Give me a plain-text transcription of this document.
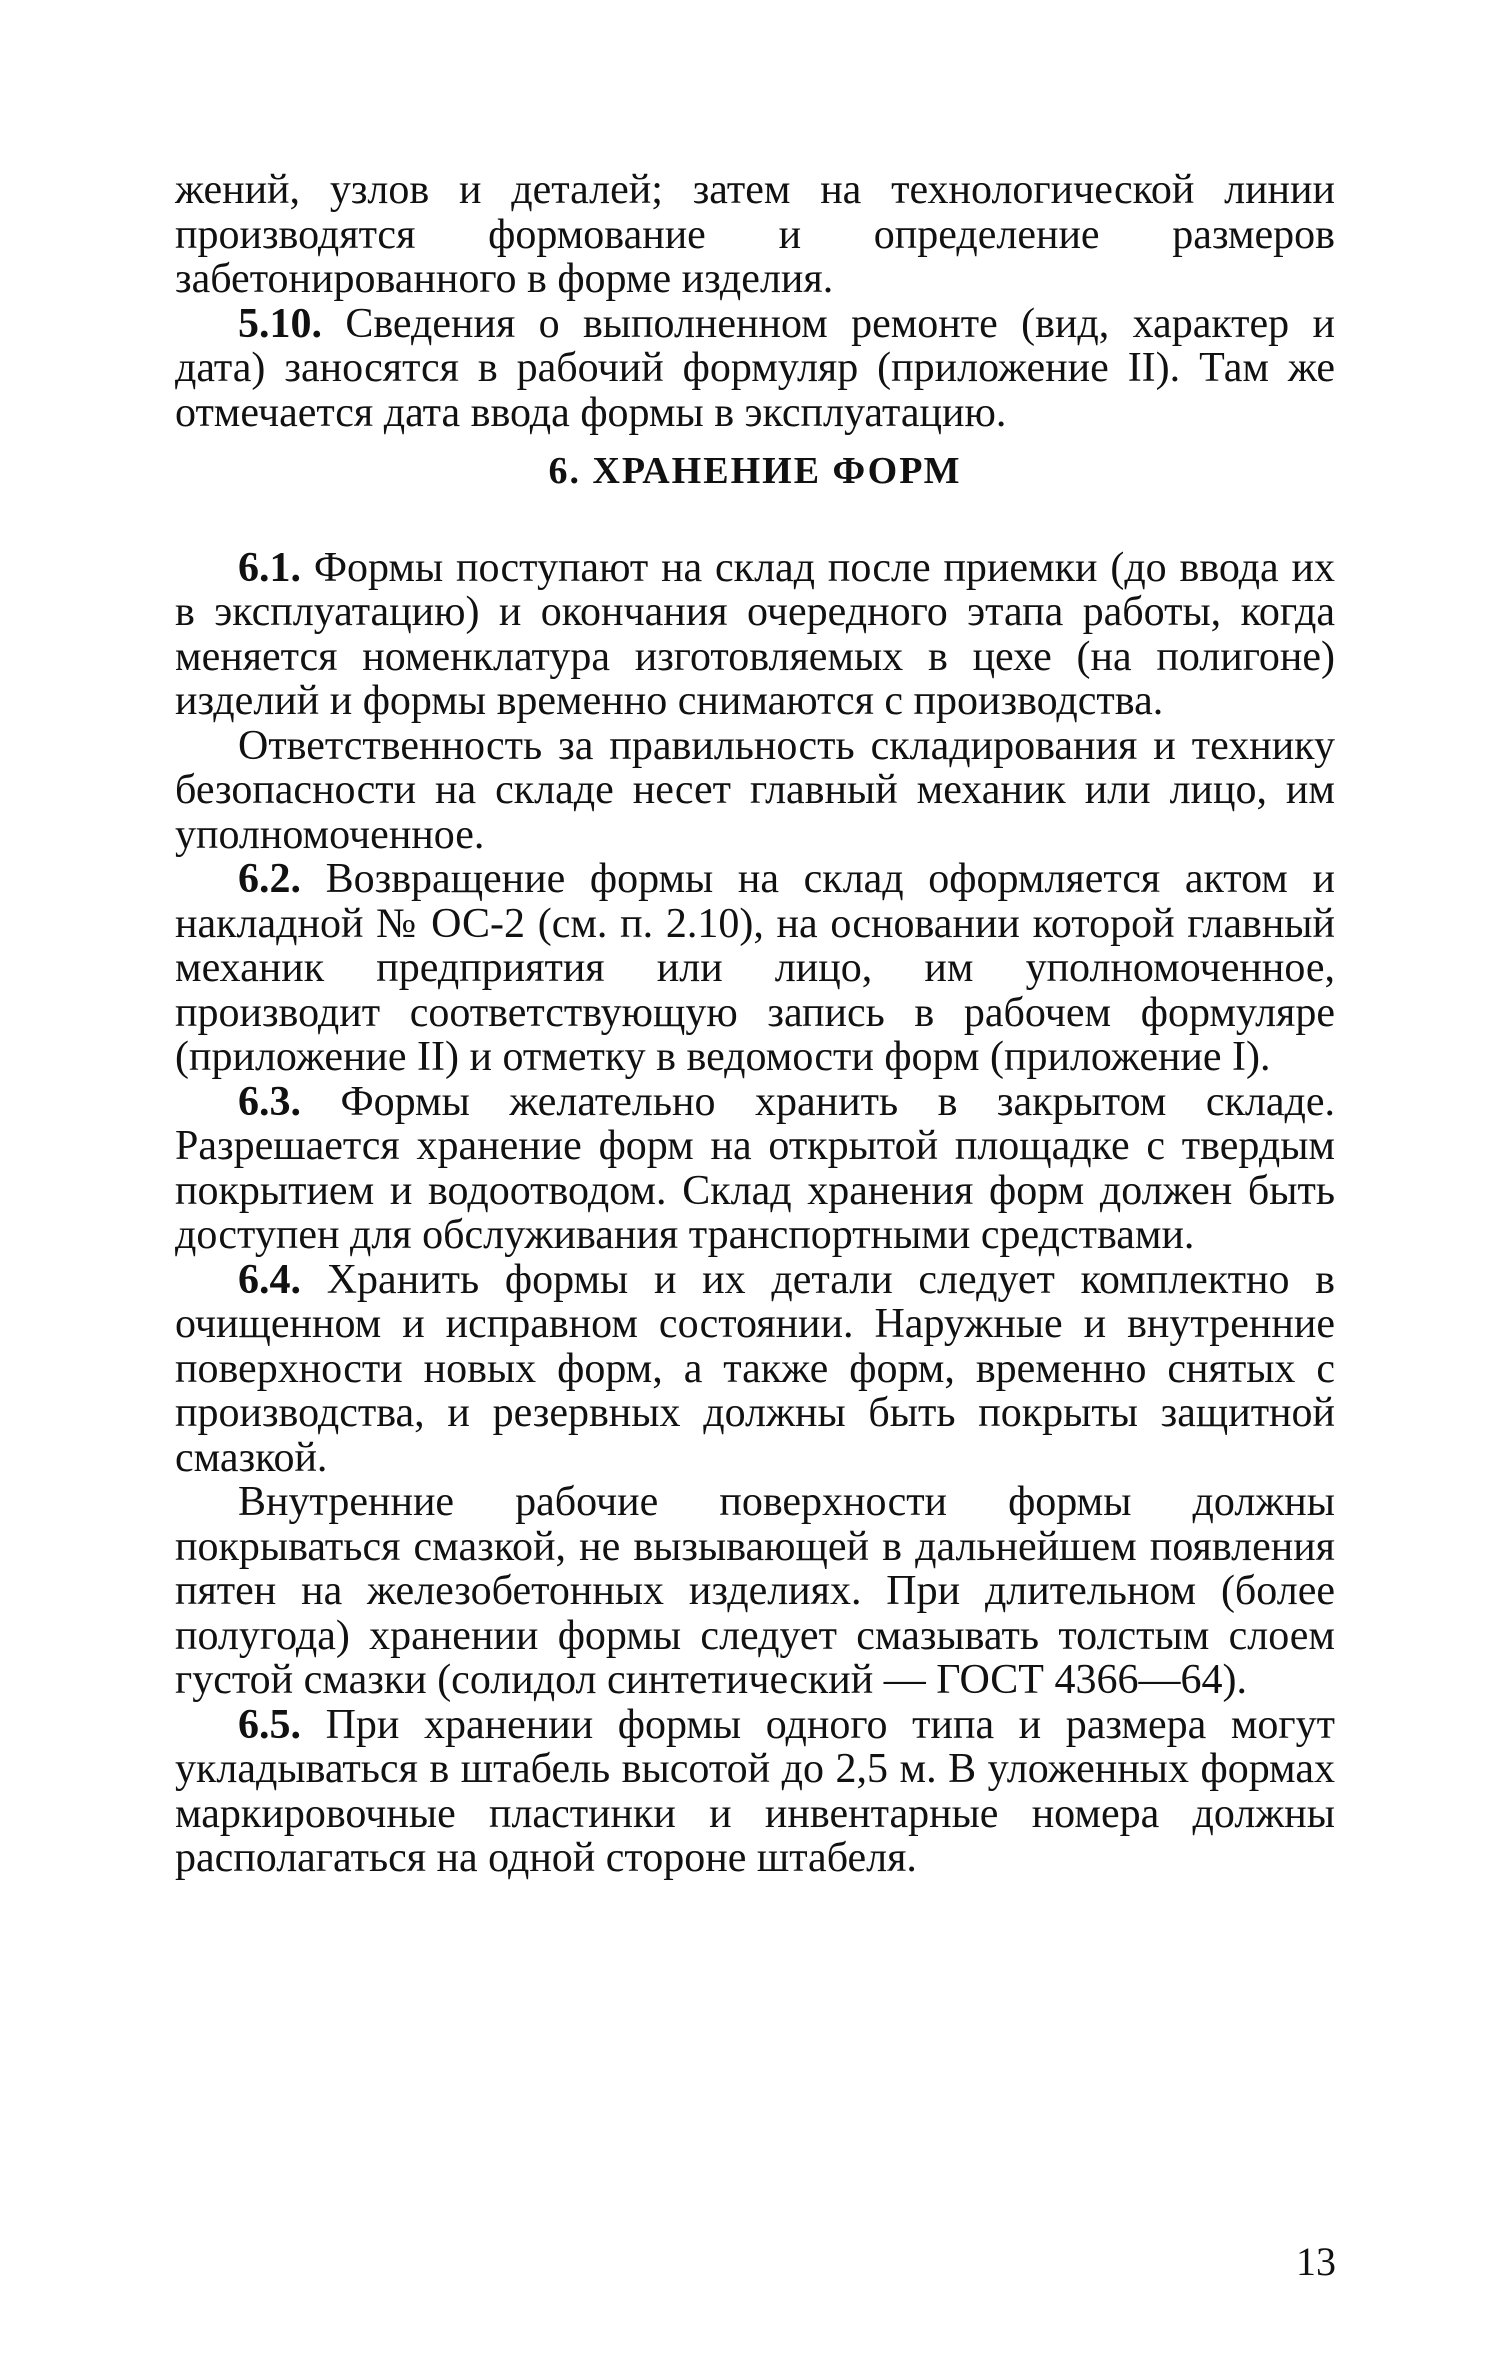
жений, узлов и деталей; затем на технологической линии производятся формование и определение размеров забетонированного в форме изделия.

5.10. Сведения о выполненном ремонте (вид, характер и дата) заносятся в рабочий формуляр (приложение II). Там же отмечается дата ввода формы в эксплуатацию.

6. ХРАНЕНИЕ ФОРМ

6.1. Формы поступают на склад после приемки (до ввода их в эксплуатацию) и окончания очередного этапа работы, когда меняется номенклатура изготовляемых в цехе (на полигоне) изделий и формы временно снимаются с производства.

Ответственность за правильность складирования и технику безопасности на складе несет главный механик или лицо, им уполномоченное.

6.2. Возвращение формы на склад оформляется актом и накладной № ОС-2 (см. п. 2.10), на основании которой главный механик предприятия или лицо, им уполномоченное, производит соответствующую запись в рабочем формуляре (приложение II) и отметку в ведомости форм (приложение I).

6.3. Формы желательно хранить в закрытом складе. Разрешается хранение форм на открытой площадке с твердым покрытием и водоотводом. Склад хранения форм должен быть доступен для обслуживания транспортными средствами.

6.4. Хранить формы и их детали следует комплектно в очищенном и исправном состоянии. Наружные и внутренние поверхности новых форм, а также форм, временно снятых с производства, и резервных должны быть покрыты защитной смазкой.

Внутренние рабочие поверхности формы должны покрываться смазкой, не вызывающей в дальнейшем появления пятен на железобетонных изделиях. При длительном (более полугода) хранении формы следует смазывать толстым слоем густой смазки (солидол синтетический — ГОСТ 4366—64).

6.5. При хранении формы одного типа и размера могут укладываться в штабель высотой до 2,5 м. В уложенных формах маркировочные пластинки и инвентарные номера должны располагаться на одной стороне штабеля.

13
